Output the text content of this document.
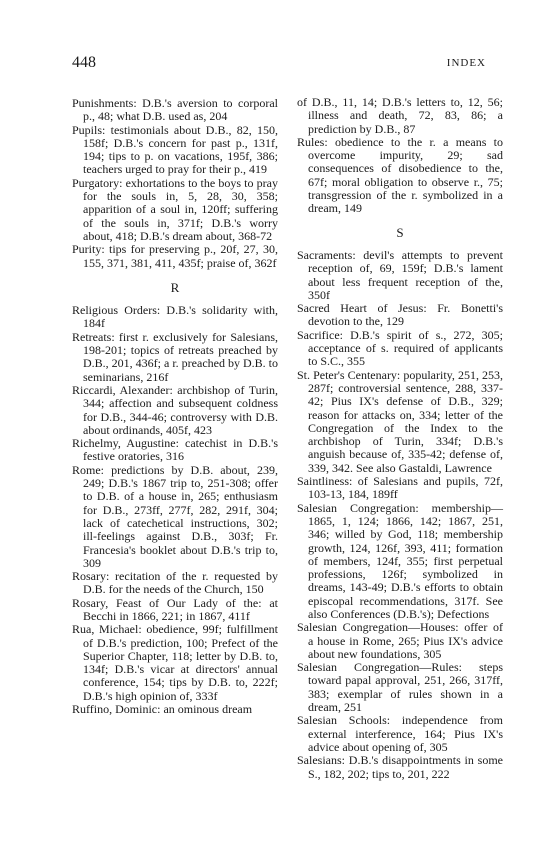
448	INDEX
Punishments: D.B.'s aversion to corporal p., 48; what D.B. used as, 204
Pupils: testimonials about D.B., 82, 150, 158f; D.B.'s concern for past p., 131f, 194; tips to p. on vacations, 195f, 386; teachers urged to pray for their p., 419
Purgatory: exhortations to the boys to pray for the souls in, 5, 28, 30, 358; apparition of a soul in, 120ff; suffering of the souls in, 371f; D.B.'s worry about, 418; D.B.'s dream about, 368-72
Purity: tips for preserving p., 20f, 27, 30, 155, 371, 381, 411, 435f; praise of, 362f
R
Religious Orders: D.B.'s solidarity with, 184f
Retreats: first r. exclusively for Salesians, 198-201; topics of retreats preached by D.B., 201, 436f; a r. preached by D.B. to seminarians, 216f
Riccardi, Alexander: archbishop of Turin, 344; affection and subsequent coldness for D.B., 344-46; controversy with D.B. about ordinands, 405f, 423
Richelmy, Augustine: catechist in D.B.'s festive oratories, 316
Rome: predictions by D.B. about, 239, 249; D.B.'s 1867 trip to, 251-308; offer to D.B. of a house in, 265; enthusiasm for D.B., 273ff, 277f, 282, 291f, 304; lack of catechetical instructions, 302; ill-feelings against D.B., 303f; Fr. Francesia's booklet about D.B.'s trip to, 309
Rosary: recitation of the r. requested by D.B. for the needs of the Church, 150
Rosary, Feast of Our Lady of the: at Becchi in 1866, 221; in 1867, 411f
Rua, Michael: obedience, 99f; fulfillment of D.B.'s prediction, 100; Prefect of the Superior Chapter, 118; letter by D.B. to, 134f; D.B.'s vicar at directors' annual conference, 154; tips by D.B. to, 222f; D.B.'s high opinion of, 333f
Ruffino, Dominic: an ominous dream
of D.B., 11, 14; D.B.'s letters to, 12, 56; illness and death, 72, 83, 86; a prediction by D.B., 87
Rules: obedience to the r. a means to overcome impurity, 29; sad consequences of disobedience to the, 67f; moral obligation to observe r., 75; transgression of the r. symbolized in a dream, 149
S
Sacraments: devil's attempts to prevent reception of, 69, 159f; D.B.'s lament about less frequent reception of the, 350f
Sacred Heart of Jesus: Fr. Bonetti's devotion to the, 129
Sacrifice: D.B.'s spirit of s., 272, 305; acceptance of s. required of applicants to S.C., 355
St. Peter's Centenary: popularity, 251, 253, 287f; controversial sentence, 288, 337-42; Pius IX's defense of D.B., 329; reason for attacks on, 334; letter of the Congregation of the Index to the archbishop of Turin, 334f; D.B.'s anguish because of, 335-42; defense of, 339, 342. See also Gastaldi, Lawrence
Saintliness: of Salesians and pupils, 72f, 103-13, 184, 189ff
Salesian Congregation: membership—1865, 1, 124; 1866, 142; 1867, 251, 346; willed by God, 118; membership growth, 124, 126f, 393, 411; formation of members, 124f, 355; first perpetual professions, 126f; symbolized in dreams, 143-49; D.B.'s efforts to obtain episcopal recommendations, 317f. See also Conferences (D.B.'s); Defections
Salesian Congregation—Houses: offer of a house in Rome, 265; Pius IX's advice about new foundations, 305
Salesian Congregation—Rules: steps toward papal approval, 251, 266, 317ff, 383; exemplar of rules shown in a dream, 251
Salesian Schools: independence from external interference, 164; Pius IX's advice about opening of, 305
Salesians: D.B.'s disappointments in some S., 182, 202; tips to, 201, 222
